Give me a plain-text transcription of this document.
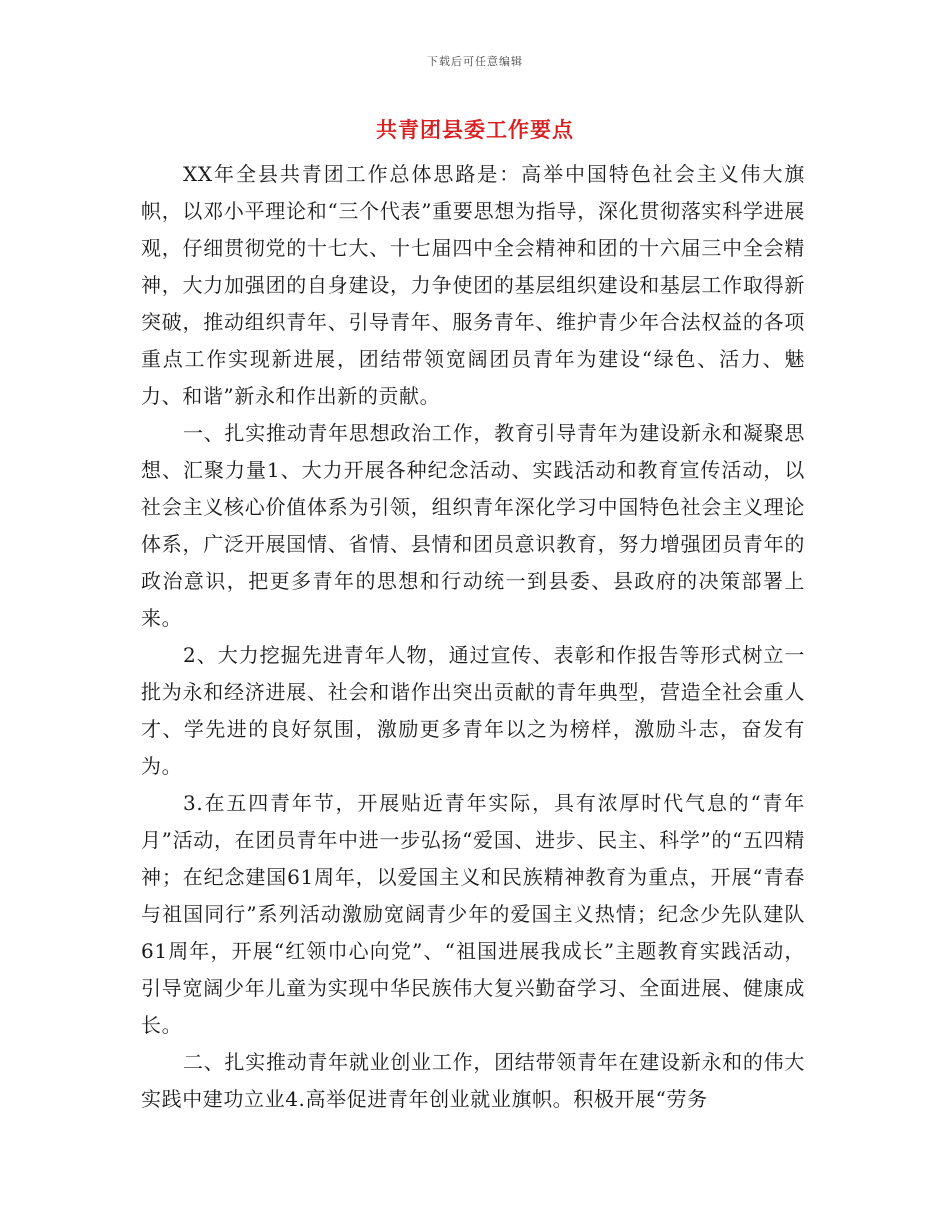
下载后可任意编辑
共青团县委工作要点

XX年全县共青团工作总体思路是：高举中国特色社会主义伟大旗帜，以邓小平理论和“三个代表”重要思想为指导，深化贯彻落实科学进展观，仔细贯彻党的十七大、十七届四中全会精神和团的十六届三中全会精神，大力加强团的自身建设，力争使团的基层组织建设和基层工作取得新突破，推动组织青年、引导青年、服务青年、维护青少年合法权益的各项重点工作实现新进展，团结带领宽阔团员青年为建设“绿色、活力、魅力、和谐”新永和作出新的贡献。

一、扎实推动青年思想政治工作，教育引导青年为建设新永和凝聚思想、汇聚力量1、大力开展各种纪念活动、实践活动和教育宣传活动，以社会主义核心价值体系为引领，组织青年深化学习中国特色社会主义理论体系，广泛开展国情、省情、县情和团员意识教育，努力增强团员青年的政治意识，把更多青年的思想和行动统一到县委、县政府的决策部署上来。

2、大力挖掘先进青年人物，通过宣传、表彰和作报告等形式树立一批为永和经济进展、社会和谐作出突出贡献的青年典型，营造全社会重人才、学先进的良好氛围，激励更多青年以之为榜样，激励斗志，奋发有为。

3.在五四青年节，开展贴近青年实际，具有浓厚时代气息的“青年月”活动，在团员青年中进一步弘扬“爱国、进步、民主、科学”的“五四精神；在纪念建国61周年，以爱国主义和民族精神教育为重点，开展“青春与祖国同行”系列活动激励宽阔青少年的爱国主义热情；纪念少先队建队61周年，开展“红领巾心向党”、“祖国进展我成长”主题教育实践活动，引导宽阔少年儿童为实现中华民族伟大复兴勤奋学习、全面进展、健康成长。

二、扎实推动青年就业创业工作，团结带领青年在建设新永和的伟大实践中建功立业4.高举促进青年创业就业旗帜。积极开展“劳务
